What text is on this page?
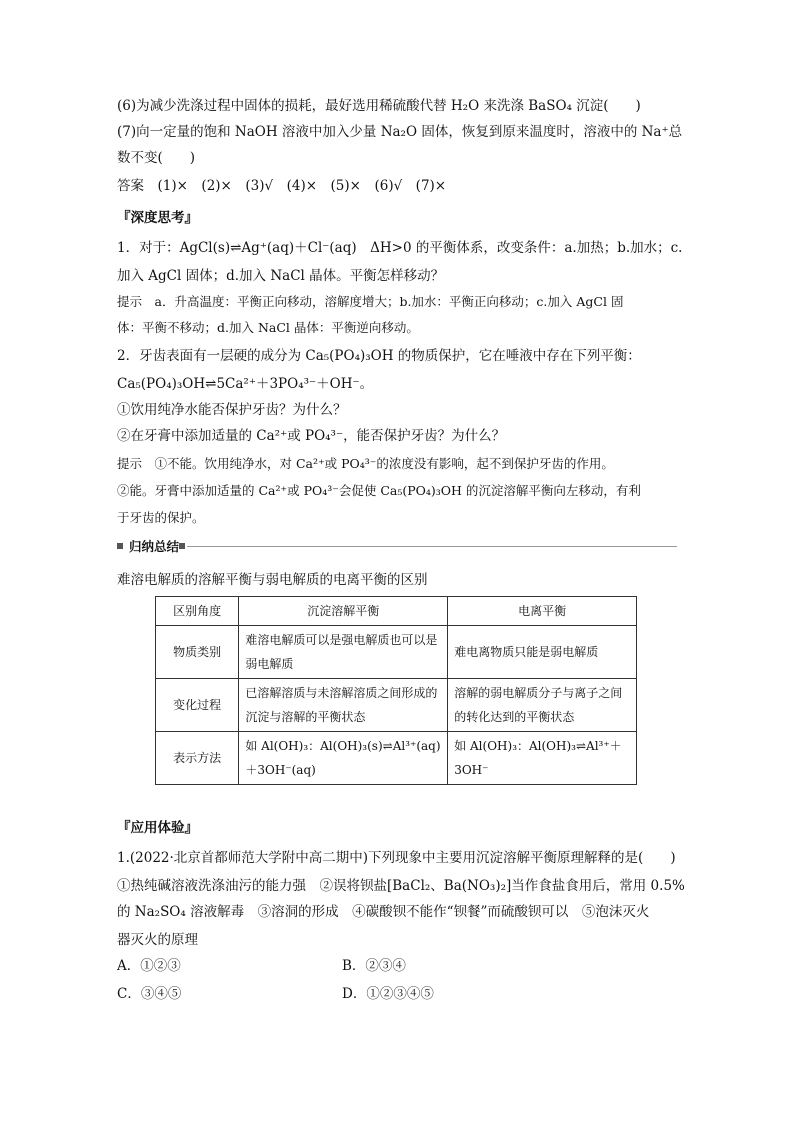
(6)为减少洗涤过程中固体的损耗，最好选用稀硫酸代替 H₂O 来洗涤 BaSO₄ 沉淀(　　)
(7)向一定量的饱和 NaOH 溶液中加入少量 Na₂O 固体，恢复到原来温度时，溶液中的 Na⁺总
数不变(　　)
答案　(1)×　(2)×　(3)√　(4)×　(5)×　(6)√　(7)×
『深度思考』
1．对于：AgCl(s)⇌Ag⁺(aq)＋Cl⁻(aq)　ΔH>0 的平衡体系，改变条件：a.加热；b.加水；c.
加入 AgCl 固体；d.加入 NaCl 晶体。平衡怎样移动？
提示　a．升高温度：平衡正向移动，溶解度增大；b.加水：平衡正向移动；c.加入 AgCl 固
体：平衡不移动；d.加入 NaCl 晶体：平衡逆向移动。
2．牙齿表面有一层硬的成分为 Ca₅(PO₄)₃OH 的物质保护，它在唾液中存在下列平衡：
Ca₅(PO₄)₃OH⇌5Ca²⁺＋3PO₄³⁻＋OH⁻。
①饮用纯净水能否保护牙齿？为什么？
②在牙膏中添加适量的 Ca²⁺或 PO₄³⁻，能否保护牙齿？为什么？
提示　①不能。饮用纯净水，对 Ca²⁺或 PO₄³⁻的浓度没有影响，起不到保护牙齿的作用。
②能。牙膏中添加适量的 Ca²⁺或 PO₄³⁻会促使 Ca₅(PO₄)₃OH 的沉淀溶解平衡向左移动，有利
于牙齿的保护。
归纳总结
难溶电解质的溶解平衡与弱电解质的电离平衡的区别
区别角度	沉淀溶解平衡	电离平衡
物质类别	难溶电解质可以是强电解质也可以是弱电解质	难电离物质只能是弱电解质
变化过程	已溶解溶质与未溶解溶质之间形成的沉淀与溶解的平衡状态	溶解的弱电解质分子与离子之间的转化达到的平衡状态
表示方法	如 Al(OH)₃：Al(OH)₃(s)⇌Al³⁺(aq)＋3OH⁻(aq)	如 Al(OH)₃：Al(OH)₃⇌Al³⁺＋3OH⁻
『应用体验』
1.(2022·北京首都师范大学附中高二期中)下列现象中主要用沉淀溶解平衡原理解释的是(　　)
①热纯碱溶液洗涤油污的能力强　②误将钡盐[BaCl₂、Ba(NO₃)₂]当作食盐食用后，常用 0.5%
的 Na₂SO₄ 溶液解毒　③溶洞的形成　④碳酸钡不能作“钡餐”而硫酸钡可以　⑤泡沫灭火
器灭火的原理
A．①②③	B．②③④
C．③④⑤	D．①②③④⑤
